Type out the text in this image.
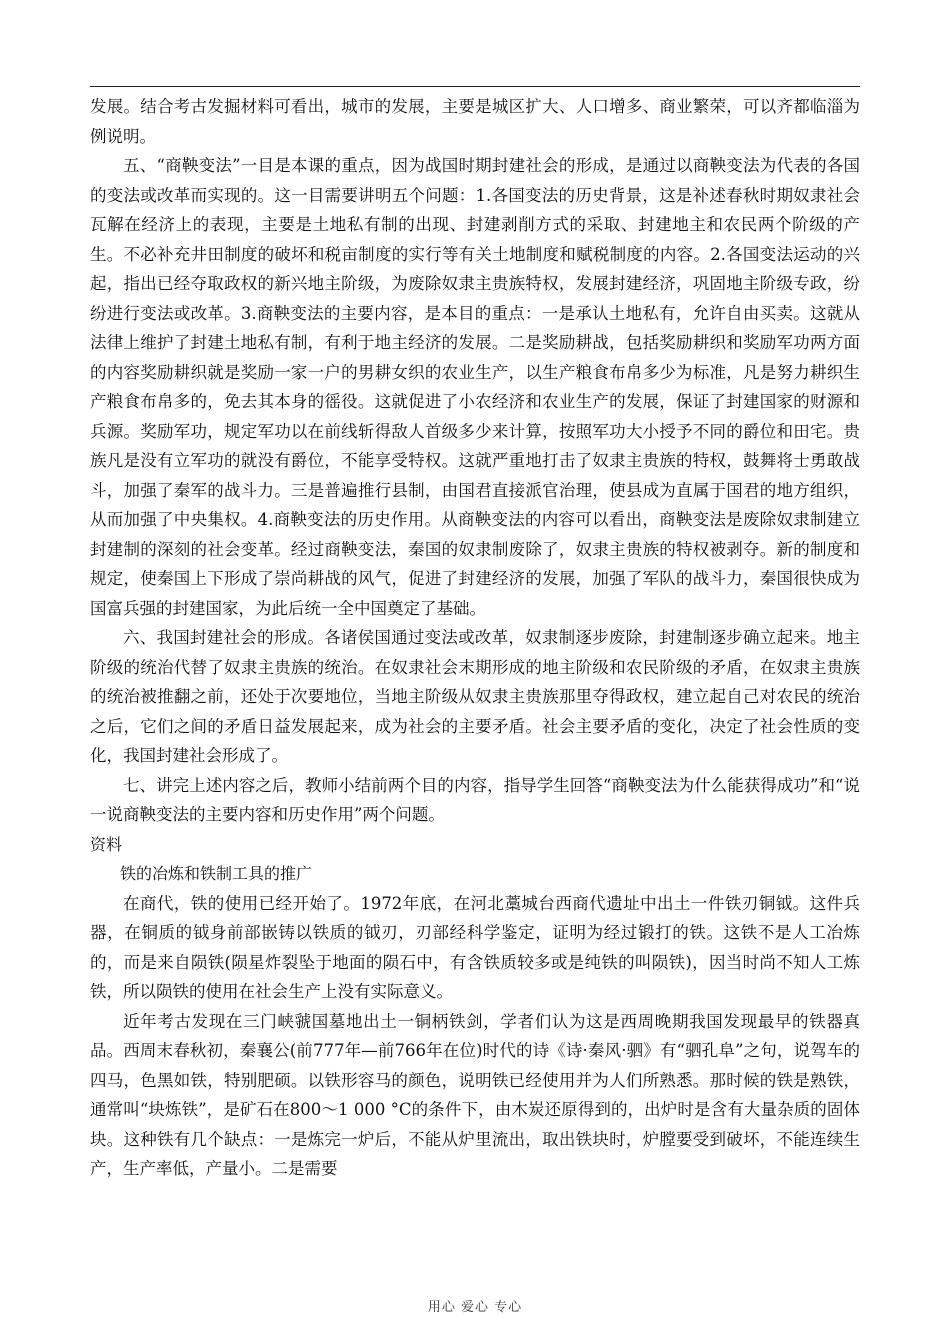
发展。结合考古发掘材料可看出，城市的发展，主要是城区扩大、人口增多、商业繁荣，可以齐都临淄为例说明。

五、“商鞅变法”一目是本课的重点，因为战国时期封建社会的形成，是通过以商鞅变法为代表的各国的变法或改革而实现的。这一目需要讲明五个问题：1.各国变法的历史背景，这是补述春秋时期奴隶社会瓦解在经济上的表现，主要是土地私有制的出现、封建剥削方式的采取、封建地主和农民两个阶级的产生。不必补充井田制度的破坏和税亩制度的实行等有关土地制度和赋税制度的内容。2.各国变法运动的兴起，指出已经夺取政权的新兴地主阶级，为废除奴隶主贵族特权，发展封建经济，巩固地主阶级专政，纷纷进行变法或改革。3.商鞅变法的主要内容，是本目的重点：一是承认土地私有，允许自由买卖。这就从法律上维护了封建土地私有制，有利于地主经济的发展。二是奖励耕战，包括奖励耕织和奖励军功两方面的内容奖励耕织就是奖励一家一户的男耕女织的农业生产，以生产粮食布帛多少为标准，凡是努力耕织生产粮食布帛多的，免去其本身的徭役。这就促进了小农经济和农业生产的发展，保证了封建国家的财源和兵源。奖励军功，规定军功以在前线斩得敌人首级多少来计算，按照军功大小授予不同的爵位和田宅。贵族凡是没有立军功的就没有爵位，不能享受特权。这就严重地打击了奴隶主贵族的特权，鼓舞将士勇敢战斗，加强了秦军的战斗力。三是普遍推行县制，由国君直接派官治理，使县成为直属于国君的地方组织，从而加强了中央集权。4.商鞅变法的历史作用。从商鞅变法的内容可以看出，商鞅变法是废除奴隶制建立封建制的深刻的社会变革。经过商鞅变法，秦国的奴隶制废除了，奴隶主贵族的特权被剥夺。新的制度和规定，使秦国上下形成了崇尚耕战的风气，促进了封建经济的发展，加强了军队的战斗力，秦国很快成为国富兵强的封建国家，为此后统一全中国奠定了基础。

六、我国封建社会的形成。各诸侯国通过变法或改革，奴隶制逐步废除，封建制逐步确立起来。地主阶级的统治代替了奴隶主贵族的统治。在奴隶社会末期形成的地主阶级和农民阶级的矛盾，在奴隶主贵族的统治被推翻之前，还处于次要地位，当地主阶级从奴隶主贵族那里夺得政权，建立起自己对农民的统治之后，它们之间的矛盾日益发展起来，成为社会的主要矛盾。社会主要矛盾的变化，决定了社会性质的变化，我国封建社会形成了。

七、讲完上述内容之后，教师小结前两个目的内容，指导学生回答“商鞅变法为什么能获得成功”和“说一说商鞅变法的主要内容和历史作用”两个问题。

资料

铁的冶炼和铁制工具的推广

在商代，铁的使用已经开始了。1972年底，在河北藁城台西商代遗址中出土一件铁刃铜钺。这件兵器，在铜质的钺身前部嵌铸以铁质的钺刃，刃部经科学鉴定，证明为经过锻打的铁。这铁不是人工冶炼的，而是来自陨铁(陨星炸裂坠于地面的陨石中，有含铁质较多或是纯铁的叫陨铁)，因当时尚不知人工炼铁，所以陨铁的使用在社会生产上没有实际意义。

近年考古发现在三门峡虢国墓地出土一铜柄铁剑，学者们认为这是西周晚期我国发现最早的铁器真品。西周末春秋初，秦襄公(前777年—前766年在位)时代的诗《诗·秦风·驷》有“驷孔阜”之句，说驾车的四马，色黑如铁，特别肥硕。以铁形容马的颜色，说明铁已经使用并为人们所熟悉。那时候的铁是熟铁，通常叫“块炼铁”，是矿石在800～1 000 °C的条件下，由木炭还原得到的，出炉时是含有大量杂质的固体块。这种铁有几个缺点：一是炼完一炉后，不能从炉里流出，取出铁块时，炉膛要受到破坏，不能连续生产，生产率低，产量小。二是需要

用心 爱心 专心
